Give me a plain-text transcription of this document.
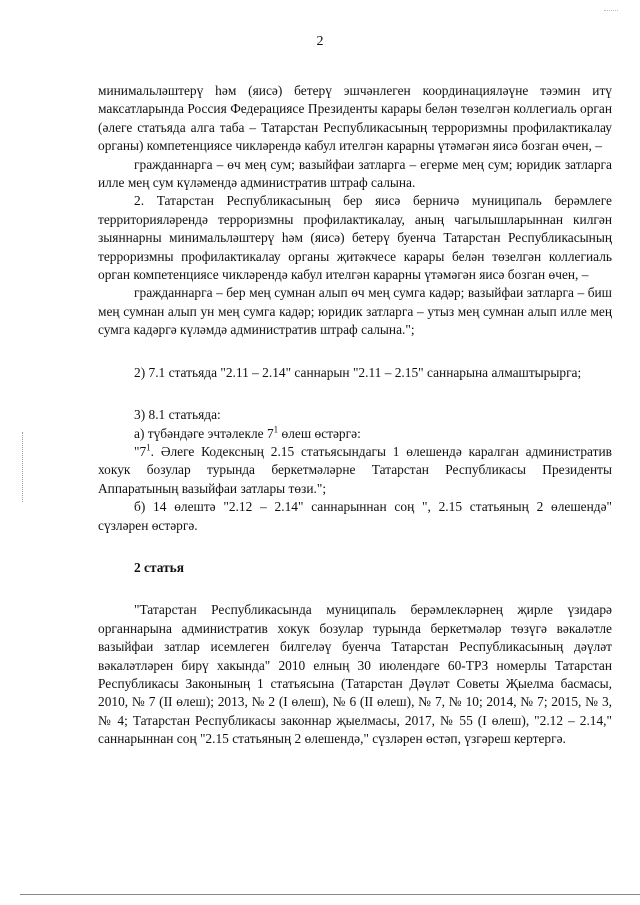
2

минимальләштерү һәм (яисә) бетерү эшчәнлеген координацияләүне тәэмин итү максатларында Россия Федерациясе Президенты карары белән төзелгән коллегиаль орган (әлеге статьяда алга таба – Татарстан Республикасының терроризмны профилактикалау органы) компетенциясе чикләрендә кабул ителгән карарны үтәмәгән яисә бозган өчен, –

гражданнарга – өч мең сум; вазыйфаи затларга – егерме мең сум; юридик затларга илле мең сум күләмендә административ штраф салына.

2. Татарстан Республикасының бер яисә берничә муниципаль берәмлеге территорияләрендә терроризмны профилактикалау, аның чагылышларыннан килгән зыяннарны минимальләштерү һәм (яисә) бетерү буенча Татарстан Республикасының терроризмны профилактикалау органы җитәкчесе карары белән төзелгән коллегиаль орган компетенциясе чикләрендә кабул ителгән карарны үтәмәгән яисә бозган өчен, –

гражданнарга – бер мең сумнан алып өч мең сумга кадәр; вазыйфаи затларга – биш мең сумнан алып ун мең сумга кадәр; юридик затларга – утыз мең сумнан алып илле мең сумга кадәргә күләмдә административ штраф салына.";

2) 7.1 статьяда "2.11 – 2.14" саннарын "2.11 – 2.15" саннарына алмаштырырга;

3) 8.1 статьяда:

а) түбәндәге эчтәлекле $7^1$ өлеш өстәргә:

"$7^1$. Әлеге Кодексның 2.15 статьясындагы 1 өлешендә каралган административ хокук бозулар турында беркетмәләрне Татарстан Республикасы Президенты Аппаратының вазыйфаи затлары төзи.";

б) 14 өлештә "2.12 – 2.14" саннарыннан соң ", 2.15 статьяның 2 өлешендә" сүзләрен өстәргә.

2 статья

"Татарстан Республикасында муниципаль берәмлекләрнең җирле үзидарә органнарына административ хокук бозулар турында беркетмәләр төзүгә вәкаләтле вазыйфаи затлар исемлеген билгеләү буенча Татарстан Республикасының дәүләт вәкаләтләрен бирү хакында" 2010 елның 30 июлендәге 60-ТРЗ номерлы Татарстан Республикасы Законының 1 статьясына (Татарстан Дәүләт Советы Җыелма басмасы, 2010, № 7 (II өлеш); 2013, № 2 (I өлеш), № 6 (II өлеш), № 7, № 10; 2014, № 7; 2015, № 3, № 4; Татарстан Республикасы законнар җыелмасы, 2017, № 55 (I өлеш), "2.12 – 2.14," саннарыннан соң "2.15 статьяның 2 өлешендә," сүзләрен өстәп, үзгәреш кертергә.
